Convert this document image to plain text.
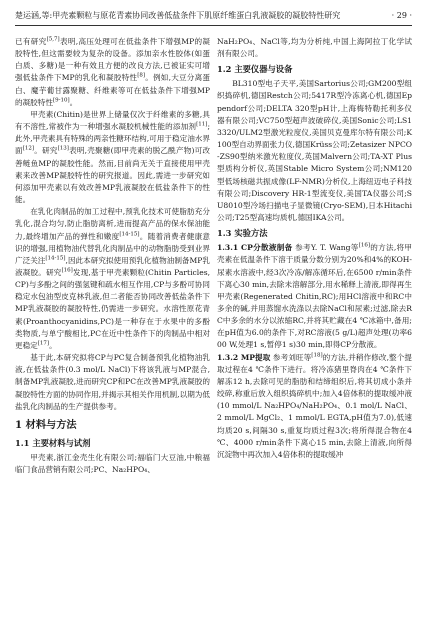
楚运涵,等:甲壳素颗粒与原花青素协同改善低盐条件下肌原纤维蛋白乳液凝胶的凝胶特性研究	· 29 ·

已有研究[5,7]表明,高压处理可在低盐条件下增强MP的凝胶特性,但这需要较为复杂的设备。添加亲水性胶体(如蛋白质、多糖)是一种有效且方便的改良方法,已被证实可增强低盐条件下MP的乳化和凝胶特性[8]。例如,大豆分离蛋白、魔芋葡甘露聚糖、纤维素等可在低盐条件下增强MP的凝胶特性[9-10]。

甲壳素(Chitin)是世界上储量仅次于纤维素的多糖,具有不溶性,常被作为一种增强水凝胶机械性能的添加剂[11];此外,甲壳素具有特殊的两亲性糖环结构,可用于稳定油水界面[12]。研究[13]表明,壳聚糖(即甲壳素的脱乙酰产物)可改善鲢鱼MP的凝胶性能。然而,目前尚无关于直接使用甲壳素来改善MP凝胶特性的研究报道。因此,需进一步研究如何添加甲壳素以有效改善MP乳液凝胶在低盐条件下的性能。

在乳化肉制品的加工过程中,预乳化技术可使脂肪充分乳化,混合均匀,防止脂肪离析,进而提高产品的保水保油能力,最终增加产品的弹性和嫩度[14-15]。随着消费者健康意识的增强,用植物油代替乳化肉制品中的动物脂肪受到业界广泛关注[14-15],因此本研究拟使用预乳化植物油制备MP乳液凝胶。研究[16]发现,基于甲壳素颗粒(Chitin Particles,CP)与多酚之间的强氢键和疏水相互作用,CP与多酚可协同稳定水包油型皮克林乳液,但二者能否协同改善低盐条件下MP乳液凝胶的凝胶特性,仍需进一步研究。水溶性原花青素(Proanthocyanidins,PC)是一种存在于水果中的多酚类物质,与单宁酸相比,PC在近中性条件下的肉制品中相对更稳定[17]。

基于此,本研究拟将CP与PC复合制备预乳化植物油乳液,在低盐条件(0.3 mol/L NaCl)下将该乳液与MP混合,制备MP乳液凝胶,进而研究CP和PC在改善MP乳液凝胶的凝胶特性方面的协同作用,并揭示其相关作用机制,以期为低盐乳化肉制品的生产提供参考。

1 材料与方法
1.1 主要材料与试剂

甲壳素,浙江金壳生化有限公司;福临门大豆油,中粮福临门食品营销有限公司;PC、Na₂HPO₄、

NaH₂PO₄、NaCl等,均为分析纯,中国上海阿拉丁化学试剂有限公司。

1.2 主要仪器与设备

BL310型电子天平,美国Sartorius公司;GM200型组织捣碎机,德国Restch公司;5417R型冷冻离心机,德国Eppendorf公司;DELTA 320型pH计,上海梅特勒托利多仪器有限公司;VC750型超声波破碎仪,美国Sonic公司;LS13320/ULM2型激光粒度仪,美国贝克曼库尔特有限公司;K100型自动界面张力仪,德国Krüss公司;Zetasizer NPCO-ZS90型纳米激光粒度仪,英国Malvern公司;TA-XT Plus型质构分析仪,英国Stable Micro System公司;NM120型低场核磁共振成像(LF-NMR)分析仪,上海纽迈电子科技有限公司;Discovery HR-1型流变仪,美国TA仪器公司;SU8010型冷场扫描电子显微镜(Cryo-SEM),日本Hitachi公司;T25型高速均质机,德国IKA公司。

1.3 实验方法

1.3.1 CP分散液制备 参考Y. T. Wang等[16]的方法,将甲壳素在低温条件下溶于质量分数分别为20%和4%的KOH-尿素水溶液中,经3次冷冻/解冻循环后,在6500 r/min条件下离心30 min,去除未溶解部分,用水稀释上清液,即得再生甲壳素(Regenerated Chitin,RC);用HCl溶液中和RC中多余的碱,并用蒸馏水洗涤以去除NaCl和尿素;过滤,除去RC中多余的水分以浓缩RC,并将其贮藏在4 ℃冰箱中,备用;在pH值为6.0的条件下,对RC溶液(5 g/L)超声处理(功率600 W,处理1 s,暂停1 s)30 min,即得CP分散液。

1.3.2 MP提取 参考刘旺等[18]的方法,并稍作修改,整个提取过程在4 ℃条件下进行。将冷冻猪里脊肉在4 ℃条件下解冻12 h,去除可见的脂肪和结缔组织后,将其切成小条并绞碎,称重后放入组织捣碎机中;加入4倍体积的提取缓冲液(10 mmol/L Na₂HPO₄/NaH₂PO₄、0.1 mol/L NaCl、2 mmol/L MgCl₂、1 mmol/L EGTA,pH值为7.0),低速均质20 s,间隔30 s,重复均质过程3次;将所得混合物在4 ℃、4000 r/min条件下离心15 min,去除上清液,向所得沉淀物中再次加入4倍体积的提取缓冲
